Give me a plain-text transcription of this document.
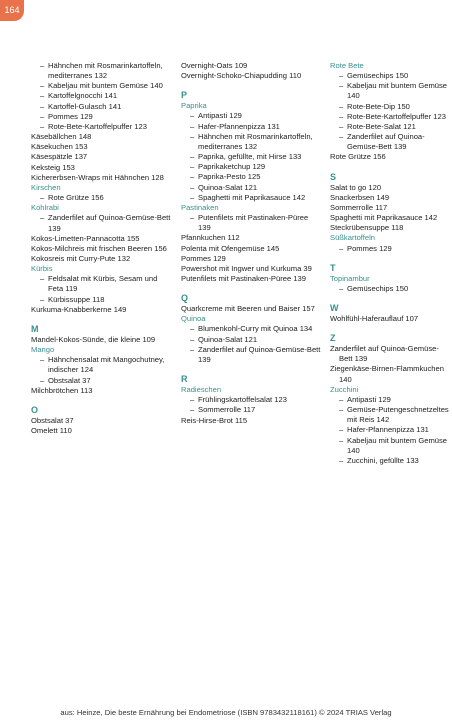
164
– Hähnchen mit Rosmarinkartoffeln, mediterranes 132
– Kabeljau mit buntem Gemüse 140
– Kartoffelgnocchi 141
– Kartoffel-Gulasch 141
– Pommes 129
– Rote-Bete-Kartoffelpuffer 123
Käsebällchen 148
Käsekuchen 153
Käsespätzle 137
Keksteig 153
Kichererbsen-Wraps mit Hähnchen 128
Kirschen
– Rote Grütze 156
Kohlrabi
– Zanderfilet auf Quinoa-Gemüse-Bett 139
Kokos-Limetten-Pannacotta 155
Kokos-Milchreis mit frischen Beeren 156
Kokosreis mit Curry-Pute 132
Kürbis
– Feldsalat mit Kürbis, Sesam und Feta 119
– Kürbissuppe 118
Kurkuma-Knabberkerne 149
M
Mandel-Kokos-Sünde, die kleine 109
Mango
– Hähnchensalat mit Mangochutney, indischer 124
– Obstsalat 37
Milchbrötchen 113
O
Obstsalat 37
Omelett 110
Overnight-Oats 109
Overnight-Schoko-Chiapudding 110
P
Paprika
– Antipasti 129
– Hafer-Pfannenpizza 131
– Hähnchen mit Rosmarinkartoffeln, mediterranes 132
– Paprika, gefüllte, mit Hirse 133
– Paprikaketchup 129
– Paprika-Pesto 125
– Quinoa-Salat 121
– Spaghetti mit Paprikasauce 142
Pastinaken
– Putenfilets mit Pastinaken-Püree 139
Pfannkuchen 112
Polenta mit Ofengemüse 145
Pommes 129
Powershot mit Ingwer und Kurkuma 39
Putenfilets mit Pastinaken-Püree 139
Q
Quarkcreme mit Beeren und Baiser 157
Quinoa
– Blumenkohl-Curry mit Quinoa 134
– Quinoa-Salat 121
– Zanderfilet auf Quinoa-Gemüse-Bett 139
R
Radieschen
– Frühlingskartoffelsalat 123
– Sommerrolle 117
Reis-Hirse-Brot 115
Rote Bete
– Gemüsechips 150
– Kabeljau mit buntem Gemüse 140
– Rote-Bete-Dip 150
– Rote-Bete-Kartoffelpuffer 123
– Rote-Bete-Salat 121
– Zanderfilet auf Quinoa-Gemüse-Bett 139
Rote Grütze 156
S
Salat to go 120
Snackerbsen 149
Sommerrolle 117
Spaghetti mit Paprikasauce 142
Steckrübensuppe 118
Süßkartoffeln
– Pommes 129
T
Topinambur
– Gemüsechips 150
W
Wohlfühl-Haferauflauf 107
Z
Zanderfilet auf Quinoa-Gemüse-Bett 139
Ziegenkäse-Birnen-Flammkuchen 140
Zucchini
– Antipasti 129
– Gemüse-Putengeschnetzeltes mit Reis 142
– Hafer-Pfannenpizza 131
– Kabeljau mit buntem Gemüse 140
– Zucchini, gefüllte 133
aus: Heinze, Die beste Ernährung bei Endometriose (ISBN 9783432118161) © 2024 TRIAS Verlag
